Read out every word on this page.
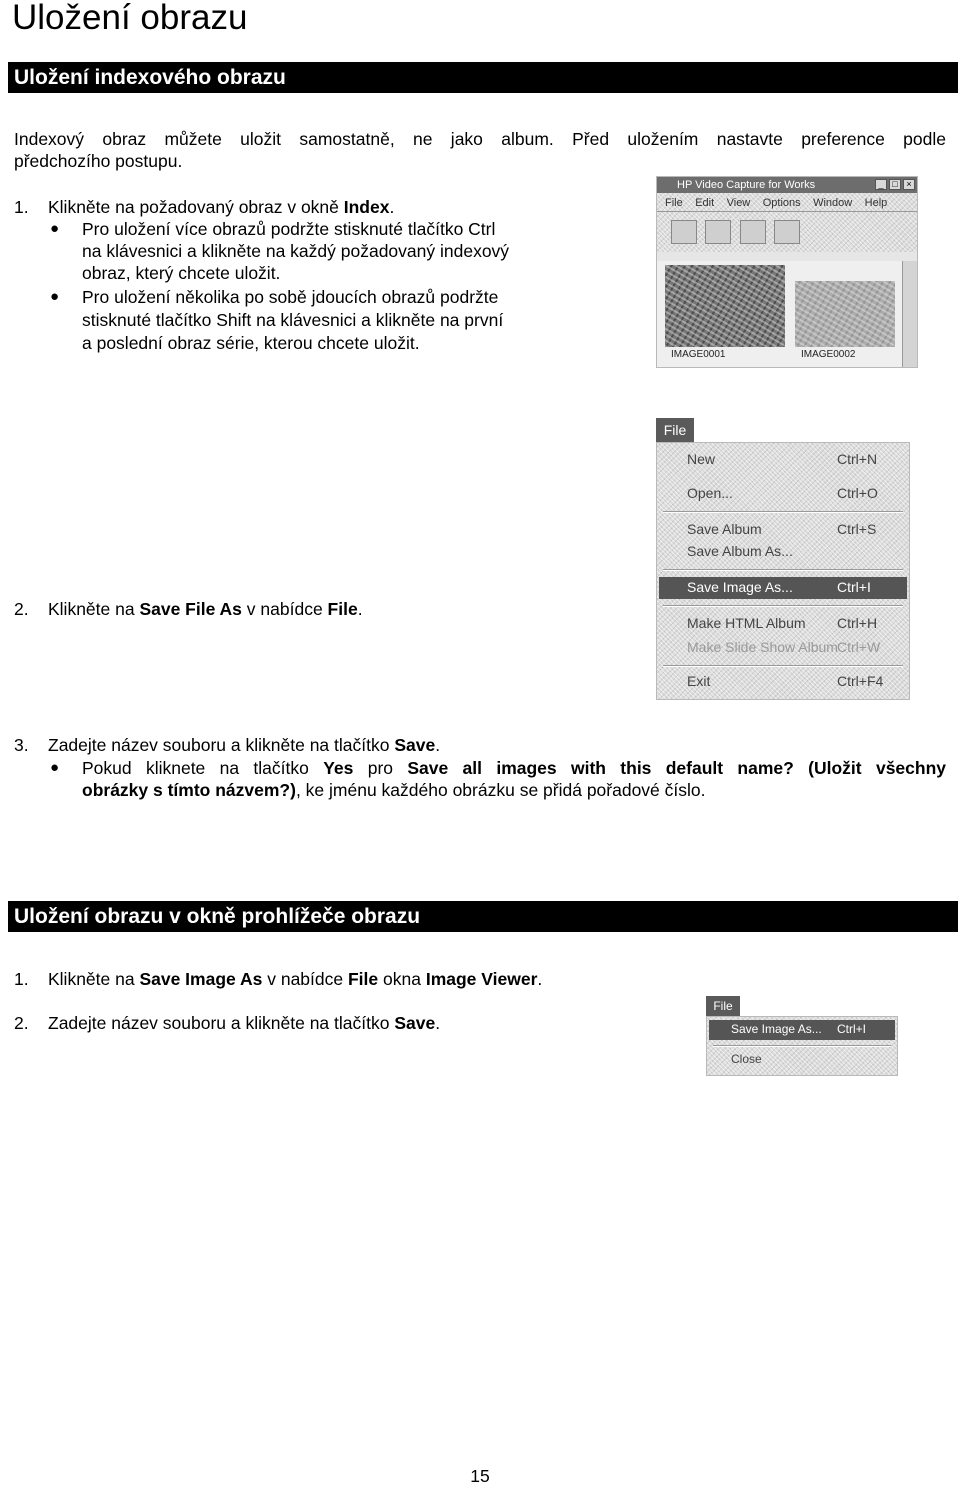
Uložení obrazu
Uložení indexového obrazu
Indexový obraz můžete uložit samostatně, ne jako album. Před uložením nastavte preference podle
předchozího postupu.
1. Klikněte na požadovaný obraz v okně Index.
● Pro uložení více obrazů podržte stisknuté tlačítko Ctrl
na klávesnici a klikněte na každý požadovaný indexový
obraz, který chcete uložit.
● Pro uložení několika po sobě jdoucích obrazů podržte
stisknuté tlačítko Shift na klávesnici a klikněte na první
a poslední obraz série, kterou chcete uložit.
HP Video Capture for Works	_ □ ×
File Edit View Options Window Help

IMAGE0001	IMAGE0002
File
New	Ctrl+N
Open...	Ctrl+O
Save Album	Ctrl+S
Save Album As...
Save Image As...	Ctrl+I
Make HTML Album Ctrl+H
Make Slide Show Album Ctrl+W
Exit	Ctrl+F4
2. Klikněte na Save File As v nabídce File.
3. Zadejte název souboru a klikněte na tlačítko Save.
● Pokud kliknete na tlačítko Yes pro Save all images with this default name? (Uložit všechny
obrázky s tímto názvem?), ke jménu každého obrázku se přidá pořadové číslo.
Uložení obrazu v okně prohlížeče obrazu
1. Klikněte na Save Image As v nabídce File okna Image Viewer.
2. Zadejte název souboru a klikněte na tlačítko Save.
File
Save Image As... Ctrl+I
Close
15
